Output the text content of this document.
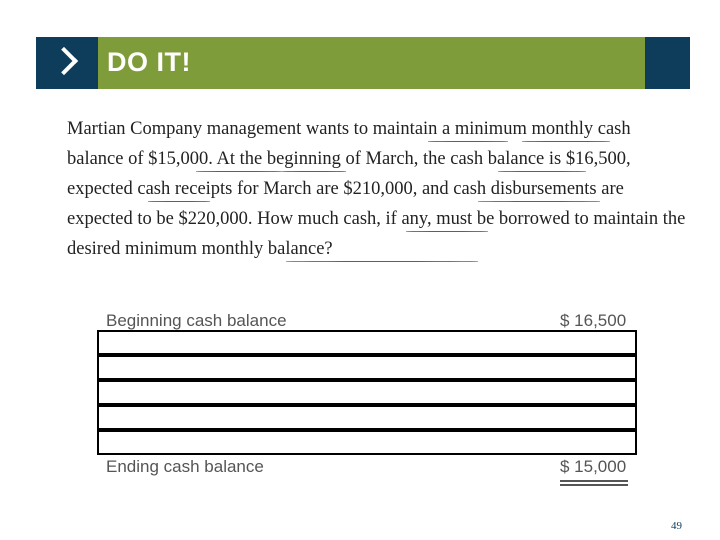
DO IT!
Martian Company management wants to maintain a minimum monthly cash balance of $15,000. At the beginning of March, the cash balance is $16,500, expected cash receipts for March are $210,000, and cash disbursements are expected to be $220,000. How much cash, if any, must be borrowed to maintain the desired minimum monthly balance?
Beginning cash balance	$ 16,500
Ending cash balance	$ 15,000
49
